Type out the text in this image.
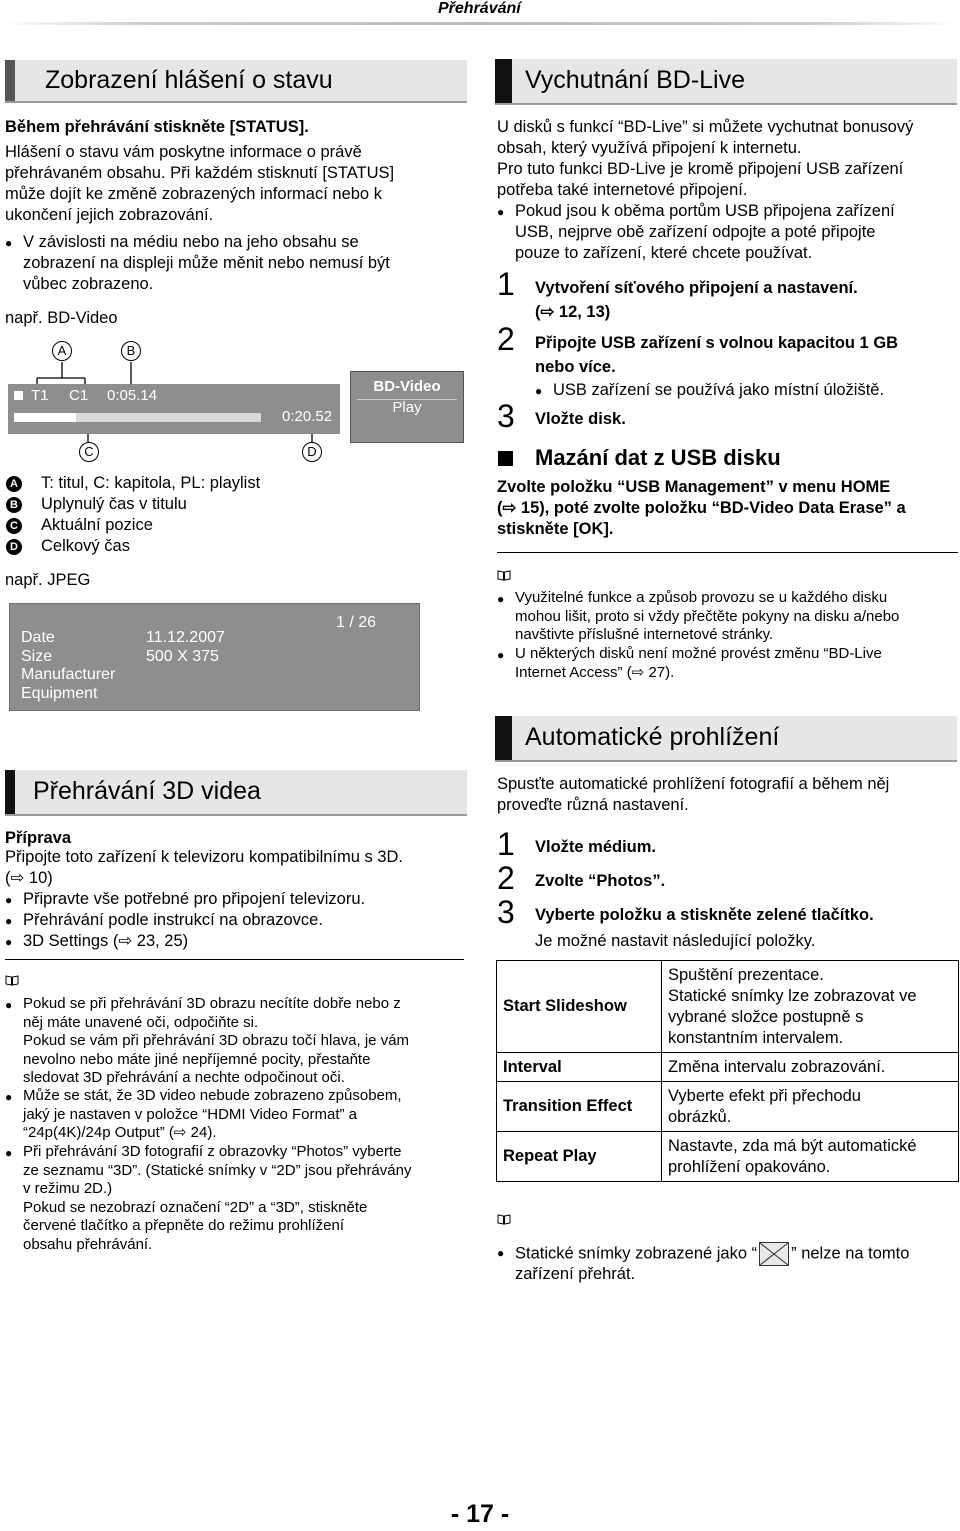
Přehrávání
Zobrazení hlášení o stavu
Během přehrávání stiskněte [STATUS].
Hlášení o stavu vám poskytne informace o právě
přehrávaném obsahu. Při každém stisknutí [STATUS]
může dojít ke změně zobrazených informací nebo k
ukončení jejich zobrazování.
● V závislosti na médiu nebo na jeho obsahu se
zobrazení na displeji může měnit nebo nemusí být
vůbec zobrazeno.
např. BD-Video
A	B
T1 C1 0:05.14
0:20.52
BD-Video
Play
C	D
A T: titul, C: kapitola, PL: playlist
B Uplynulý čas v titulu
C Aktuální pozice
D Celkový čas
např. JPEG
1 / 26
Date	11.12.2007
Size	500 X 375
Manufacturer
Equipment
Přehrávání 3D videa
Příprava
Připojte toto zařízení k televizoru kompatibilnímu s 3D.
(⇨ 10)
● Připravte vše potřebné pro připojení televizoru.
● Přehrávání podle instrukcí na obrazovce.
● 3D Settings (⇨ 23, 25)
● Pokud se při přehrávání 3D obrazu necítíte dobře nebo z
něj máte unavené oči, odpočiňte si.
Pokud se vám při přehrávání 3D obrazu točí hlava, je vám
nevolno nebo máte jiné nepříjemné pocity, přestaňte
sledovat 3D přehrávání a nechte odpočinout oči.
● Může se stát, že 3D video nebude zobrazeno způsobem,
jaký je nastaven v položce “HDMI Video Format” a
“24p(4K)/24p Output” (⇨ 24).
● Při přehrávání 3D fotografií z obrazovky “Photos” vyberte
ze seznamu “3D”. (Statické snímky v “2D” jsou přehrávány
v režimu 2D.)
Pokud se nezobrazí označení “2D” a “3D”, stiskněte
červené tlačítko a přepněte do režimu prohlížení
obsahu přehrávání.
Vychutnání BD-Live
U disků s funkcí “BD-Live” si můžete vychutnat bonusový
obsah, který využívá připojení k internetu.
Pro tuto funkci BD-Live je kromě připojení USB zařízení
potřeba také internetové připojení.
● Pokud jsou k oběma portům USB připojena zařízení
USB, nejprve obě zařízení odpojte a poté připojte
pouze to zařízení, které chcete používat.
1 Vytvoření síťového připojení a nastavení.
(⇨ 12, 13)
2 Připojte USB zařízení s volnou kapacitou 1 GB
nebo více.
● USB zařízení se používá jako místní úložiště.
3 Vložte disk.
Mazání dat z USB disku
Zvolte položku “USB Management” v menu HOME
(⇨ 15), poté zvolte položku “BD-Video Data Erase” a
stiskněte [OK].
● Využitelné funkce a způsob provozu se u každého disku
mohou lišit, proto si vždy přečtěte pokyny na disku a/nebo
navštivte příslušné internetové stránky.
● U některých disků není možné provést změnu “BD-Live
Internet Access” (⇨ 27).
Automatické prohlížení
Spusťte automatické prohlížení fotografií a během něj
proveďte různá nastavení.
1 Vložte médium.
2 Zvolte “Photos”.
3 Vyberte položku a stiskněte zelené tlačítko.
Je možné nastavit následující položky.
Start Slideshow	Spuštění prezentace.
Statické snímky lze zobrazovat ve
vybrané složce postupně s
konstantním intervalem.

Interval	Změna intervalu zobrazování.

Transition Effect	Vyberte efekt při přechodu
obrázků.

Repeat Play	Nastavte, zda má být automatické
prohlížení opakováno.
● Statické snímky zobrazené jako “ ” nelze na tomto
zařízení přehrát.
- 17 -
